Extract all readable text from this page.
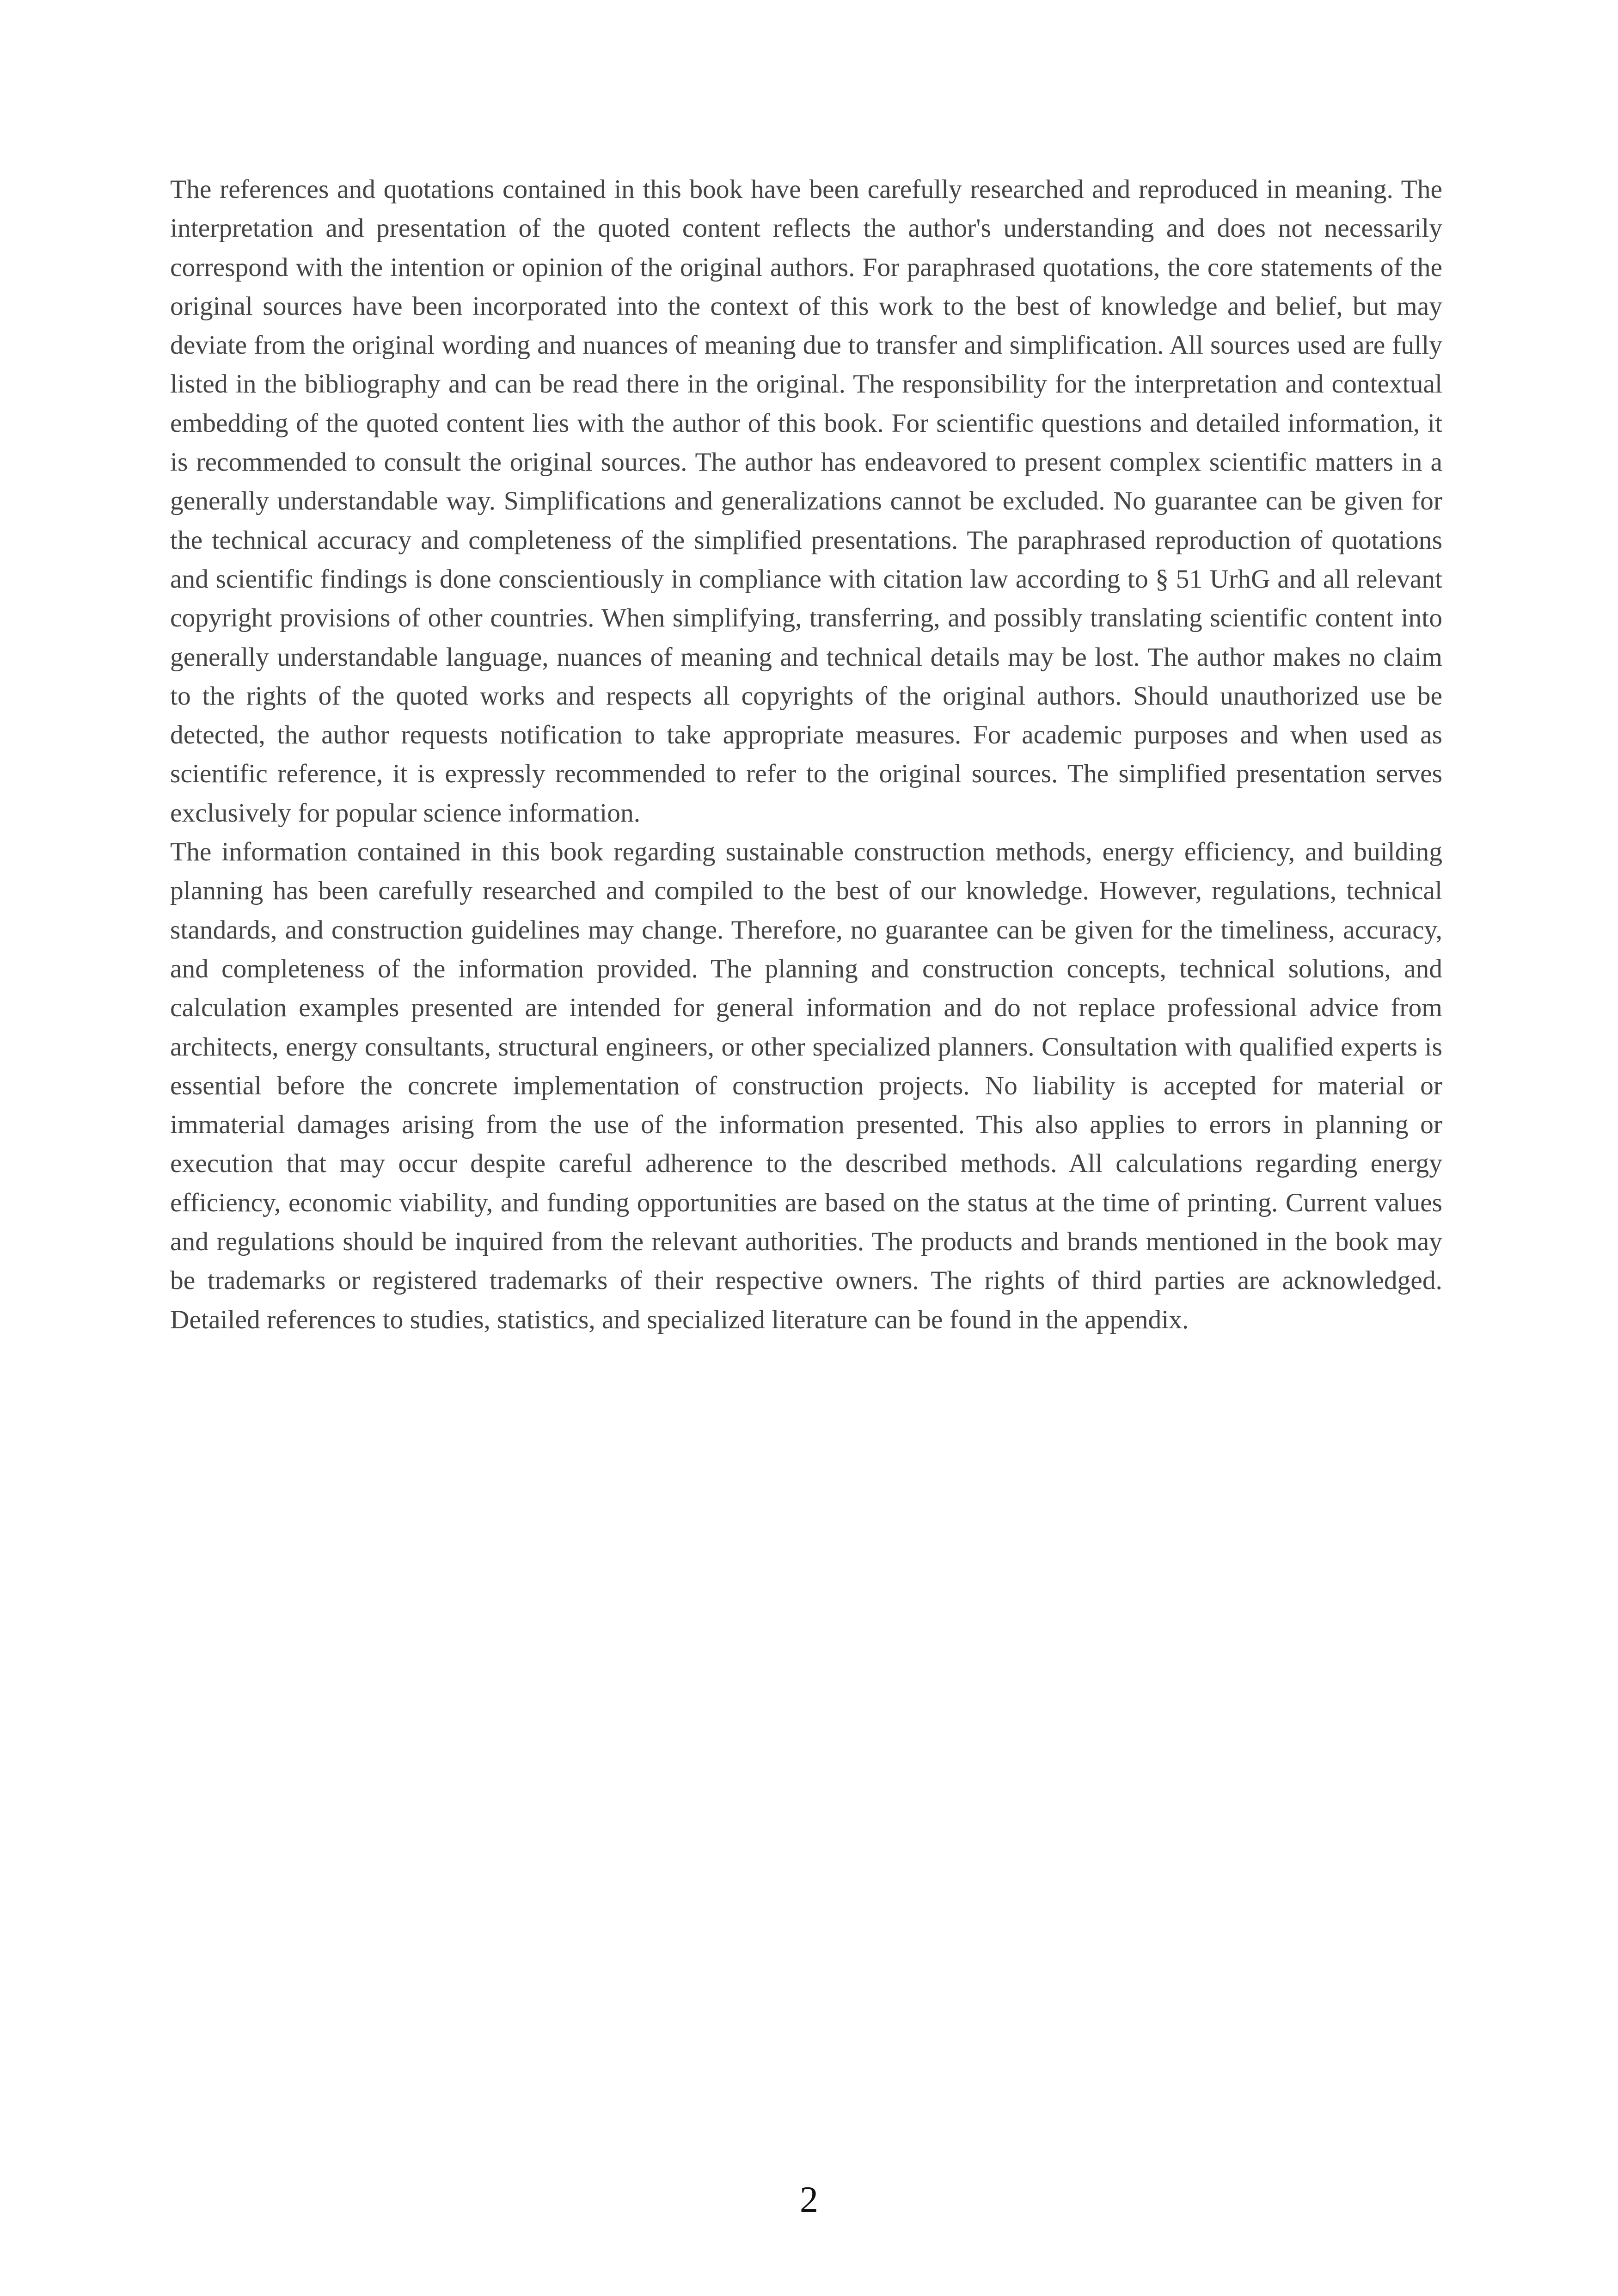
The references and quotations contained in this book have been carefully researched and reproduced in meaning. The interpretation and presentation of the quoted content reflects the author's understanding and does not necessarily correspond with the intention or opinion of the original authors. For paraphrased quotations, the core statements of the original sources have been incorporated into the context of this work to the best of knowledge and belief, but may deviate from the original wording and nuances of meaning due to transfer and simplification. All sources used are fully listed in the bibliography and can be read there in the original. The responsibility for the interpretation and contextual embedding of the quoted content lies with the author of this book. For scientific questions and detailed information, it is recommended to consult the original sources. The author has endeavored to present complex scientific matters in a generally understandable way. Simplifications and generalizations cannot be excluded. No guarantee can be given for the technical accuracy and completeness of the simplified presentations. The paraphrased reproduction of quotations and scientific findings is done conscientiously in compliance with citation law according to § 51 UrhG and all relevant copyright provisions of other countries. When simplifying, transferring, and possibly translating scientific content into generally understandable language, nuances of meaning and technical details may be lost. The author makes no claim to the rights of the quoted works and respects all copyrights of the original authors. Should unauthorized use be detected, the author requests notification to take appropriate measures. For academic purposes and when used as scientific reference, it is expressly recommended to refer to the original sources. The simplified presentation serves exclusively for popular science information.

The information contained in this book regarding sustainable construction methods, energy efficiency, and building planning has been carefully researched and compiled to the best of our knowledge. However, regulations, technical standards, and construction guidelines may change. Therefore, no guarantee can be given for the timeliness, accuracy, and completeness of the information provided. The planning and construction concepts, technical solutions, and calculation examples presented are intended for general information and do not replace professional advice from architects, energy consultants, structural engineers, or other specialized planners. Consultation with qualified experts is essential before the concrete implementation of construction projects. No liability is accepted for material or immaterial damages arising from the use of the information presented. This also applies to errors in planning or execution that may occur despite careful adherence to the described methods. All calculations regarding energy efficiency, economic viability, and funding opportunities are based on the status at the time of printing. Current values and regulations should be inquired from the relevant authorities. The products and brands mentioned in the book may be trademarks or registered trademarks of their respective owners. The rights of third parties are acknowledged. Detailed references to studies, statistics, and specialized literature can be found in the appendix.

2
